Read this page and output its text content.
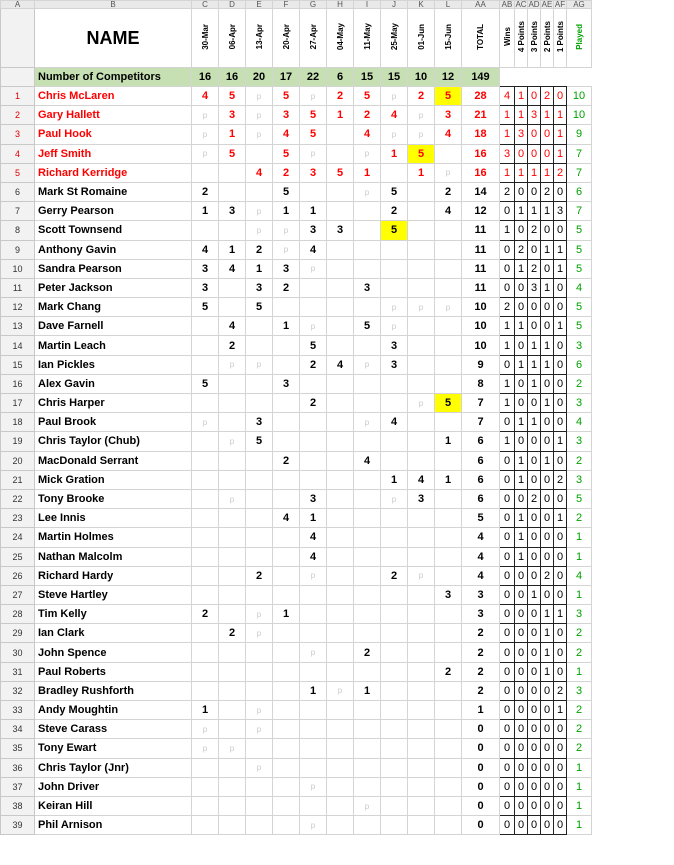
A	B	C	D	E	F	G	H	I	J	K	L	AA	AB	AC	AD	AE	AF	AG
	NAME	30-Mar	06-Apr	13-Apr	20-Apr	27-Apr	04-May	11-May	25-May	01-Jun	15-Jun	TOTAL	Wins	4 Points	3 Points	2 Points	1 Points	Played
	Number of Competitors	16	16	20	17	22	6	15	15	10	12	149						
1	Chris McLaren	4	5	p	5	p	2	5	p	2	5	28	4	1	0	2	0	10
2	Gary Hallett	p	3	p	3	5	1	2	4	p	3	21	1	1	3	1	1	10
3	Paul Hook	p	1	p	4	5		4	p	p	4	18	1	3	0	0	1	9
4	Jeff Smith	p	5		5	p		p	1	5		16	3	0	0	0	1	7
5	Richard Kerridge			4	2	3	5	1		1	p	16	1	1	1	1	2	7
6	Mark St Romaine	2			5			p	5		2	14	2	0	0	2	0	6
7	Gerry Pearson	1	3	p	1	1			2		4	12	0	1	1	1	3	7
8	Scott Townsend			p	p	3	3		5			11	1	0	2	0	0	5
9	Anthony Gavin	4	1	2	p	4						11	0	2	0	1	1	5
10	Sandra Pearson	3	4	1	3	p						11	0	1	2	0	1	5
11	Peter Jackson	3		3	2			3				11	0	0	3	1	0	4
12	Mark Chang	5		5					p	p	p	10	2	0	0	0	0	5
13	Dave Farnell		4		1	p		5	p			10	1	1	0	0	1	5
14	Martin Leach		2			5			3			10	1	0	1	1	0	3
15	Ian Pickles		p	p		2	4	p	3			9	0	1	1	1	0	6
16	Alex Gavin	5			3							8	1	0	1	0	0	2
17	Chris Harper					2				p	5	7	1	0	0	1	0	3
18	Paul Brook	p		3				p	4			7	0	1	1	0	0	4
19	Chris Taylor (Chub)		p	5							1	6	1	0	0	0	1	3
20	MacDonald Serrant				2			4				6	0	1	0	1	0	2
21	Mick Gration								1	4	1	6	0	1	0	0	2	3
22	Tony Brooke		p			3			p	3		6	0	0	2	0	0	5
23	Lee Innis				4	1						5	0	1	0	0	1	2
24	Martin Holmes					4						4	0	1	0	0	0	1
25	Nathan Malcolm					4						4	0	1	0	0	0	1
26	Richard Hardy			2		p			2	p		4	0	0	0	2	0	4
27	Steve Hartley										3	3	0	0	1	0	0	1
28	Tim Kelly	2		p	1							3	0	0	0	1	1	3
29	Ian Clark		2	p								2	0	0	0	1	0	2
30	John Spence					p		2				2	0	0	0	1	0	2
31	Paul Roberts										2	2	0	0	0	1	0	1
32	Bradley Rushforth					1	p	1				2	0	0	0	0	2	3
33	Andy Moughtin	1		p								1	0	0	0	0	1	2
34	Steve Carass	p		p								0	0	0	0	0	0	2
35	Tony Ewart	p	p									0	0	0	0	0	0	2
36	Chris Taylor (Jnr)			p								0	0	0	0	0	0	1
37	John Driver					p						0	0	0	0	0	0	1
38	Keiran Hill							p				0	0	0	0	0	0	1
39	Phil Arnison					p						0	0	0	0	0	0	1
